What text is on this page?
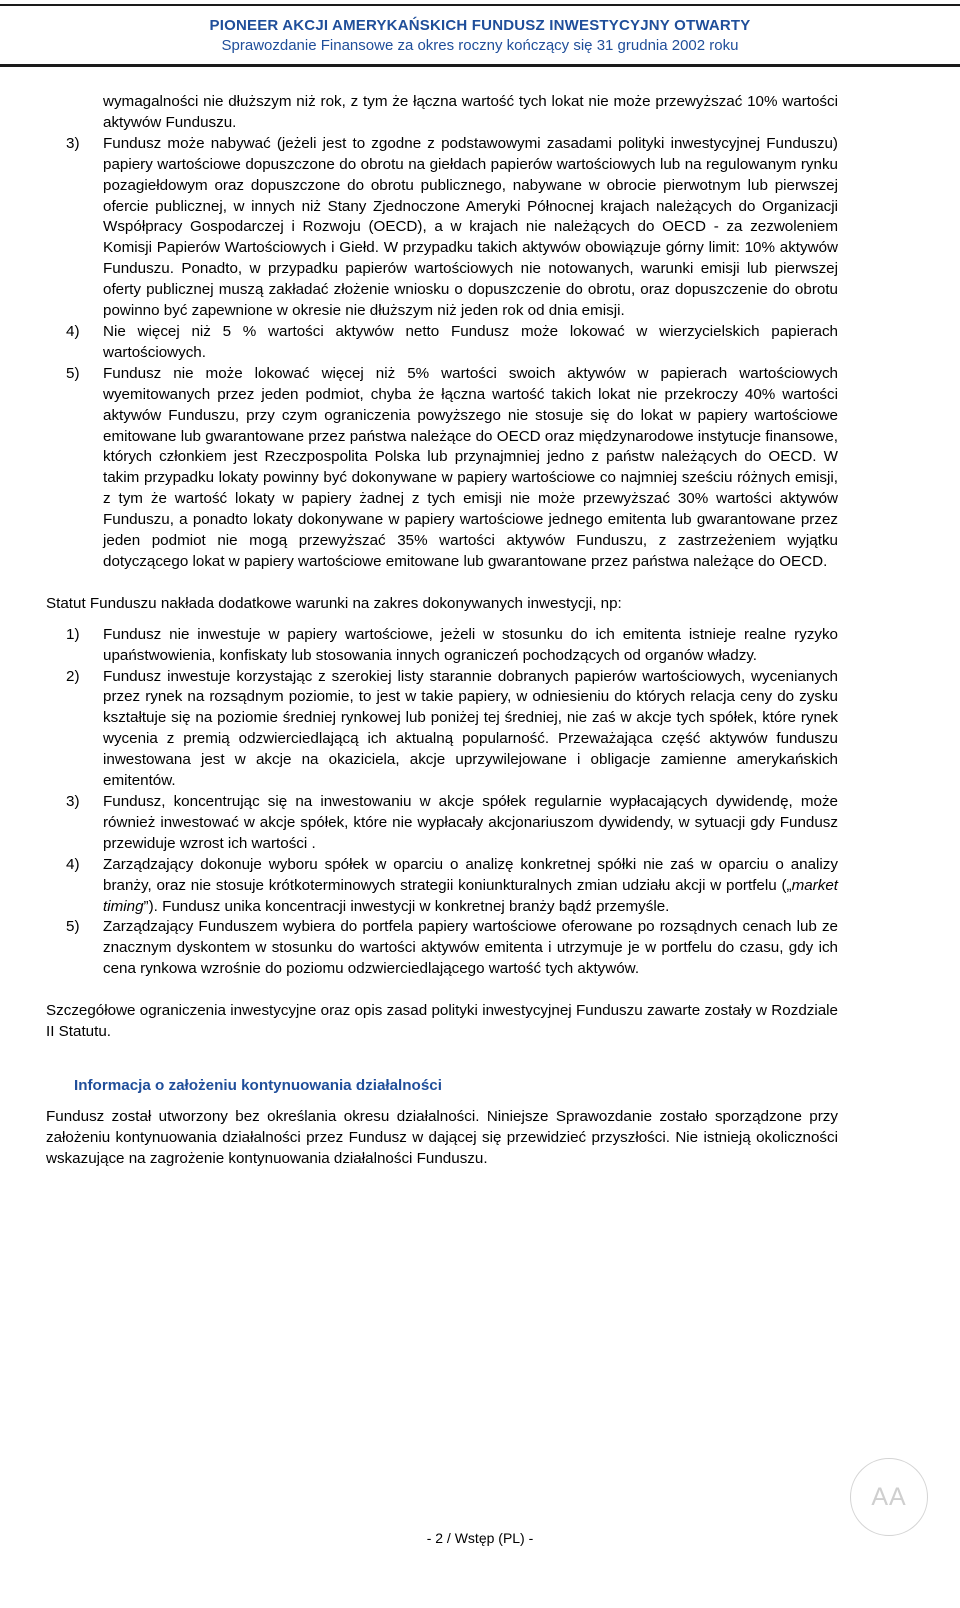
PIONEER AKCJI AMERYKAŃSKICH FUNDUSZ INWESTYCYJNY OTWARTY
Sprawozdanie Finansowe za okres roczny kończący się 31 grudnia 2002 roku

wymagalności nie dłuższym niż rok, z tym że łączna wartość tych lokat nie może przewyższać 10% wartości aktywów Funduszu.

3) Fundusz może nabywać (jeżeli jest to zgodne z podstawowymi zasadami polityki inwestycyjnej Funduszu) papiery wartościowe dopuszczone do obrotu na giełdach papierów wartościowych lub na regulowanym rynku pozagiełdowym oraz dopuszczone do obrotu publicznego, nabywane w obrocie pierwotnym lub pierwszej ofercie publicznej, w innych niż Stany Zjednoczone Ameryki Północnej krajach należących do Organizacji Współpracy Gospodarczej i Rozwoju (OECD), a w krajach nie należących do OECD - za zezwoleniem Komisji Papierów Wartościowych i Giełd. W przypadku takich aktywów obowiązuje górny limit: 10% aktywów Funduszu. Ponadto, w przypadku papierów wartościowych nie notowanych, warunki emisji lub pierwszej oferty publicznej muszą zakładać złożenie wniosku o dopuszczenie do obrotu, oraz dopuszczenie do obrotu powinno być zapewnione w okresie nie dłuższym niż jeden rok od dnia emisji.
4) Nie więcej niż 5 % wartości aktywów netto Fundusz może lokować w wierzycielskich papierach wartościowych.
5) Fundusz nie może lokować więcej niż 5% wartości swoich aktywów w papierach wartościowych wyemitowanych przez jeden podmiot, chyba że łączna wartość takich lokat nie przekroczy 40% wartości aktywów Funduszu, przy czym ograniczenia powyższego nie stosuje się do lokat w papiery wartościowe emitowane lub gwarantowane przez państwa należące do OECD oraz międzynarodowe instytucje finansowe, których członkiem jest Rzeczpospolita Polska lub przynajmniej jedno z państw należących do OECD. W takim przypadku lokaty powinny być dokonywane w papiery wartościowe co najmniej sześciu różnych emisji, z tym że wartość lokaty w papiery żadnej z tych emisji nie może przewyższać 30% wartości aktywów Funduszu, a ponadto lokaty dokonywane w papiery wartościowe jednego emitenta lub gwarantowane przez jeden podmiot nie mogą przewyższać 35% wartości aktywów Funduszu, z zastrzeżeniem wyjątku dotyczącego lokat w papiery wartościowe emitowane lub gwarantowane przez państwa należące do OECD.

Statut Funduszu nakłada dodatkowe warunki na zakres dokonywanych inwestycji, np:

1) Fundusz nie inwestuje w papiery wartościowe, jeżeli w stosunku do ich emitenta istnieje realne ryzyko upaństwowienia, konfiskaty lub stosowania innych ograniczeń pochodzących od organów władzy.
2) Fundusz inwestuje korzystając z szerokiej listy starannie dobranych papierów wartościowych, wycenianych przez rynek na rozsądnym poziomie, to jest w takie papiery, w odniesieniu do których relacja ceny do zysku kształtuje się na poziomie średniej rynkowej lub poniżej tej średniej, nie zaś w akcje tych spółek, które rynek wycenia z premią odzwierciedlającą ich aktualną popularność. Przeważająca część aktywów funduszu inwestowana jest w akcje na okaziciela, akcje uprzywilejowane i obligacje zamienne amerykańskich emitentów.
3) Fundusz, koncentrując się na inwestowaniu w akcje spółek regularnie wypłacających dywidendę, może również inwestować w akcje spółek, które nie wypłacały akcjonariuszom dywidendy, w sytuacji gdy Fundusz przewiduje wzrost ich wartości .
4) Zarządzający dokonuje wyboru spółek w oparciu o analizę konkretnej spółki nie zaś w oparciu o analizy branży, oraz nie stosuje krótkoterminowych strategii koniunkturalnych zmian udziału akcji w portfelu („market timing”). Fundusz unika koncentracji inwestycji w konkretnej branży bądź przemyśle.
5) Zarządzający Funduszem wybiera do portfela papiery wartościowe oferowane po rozsądnych cenach lub ze znacznym dyskontem w stosunku do wartości aktywów emitenta i utrzymuje je w portfelu do czasu, gdy ich cena rynkowa wzrośnie do poziomu odzwierciedlającego wartość tych aktywów.

Szczegółowe ograniczenia inwestycyjne oraz opis zasad polityki inwestycyjnej Funduszu zawarte zostały w Rozdziale II Statutu.

Informacja o założeniu kontynuowania działalności

Fundusz został utworzony bez określania okresu działalności. Niniejsze Sprawozdanie zostało sporządzone przy założeniu kontynuowania działalności przez Fundusz w dającej się przewidzieć przyszłości. Nie istnieją okoliczności wskazujące na zagrożenie kontynuowania działalności Funduszu.

- 2 / Wstęp (PL) -
AA
